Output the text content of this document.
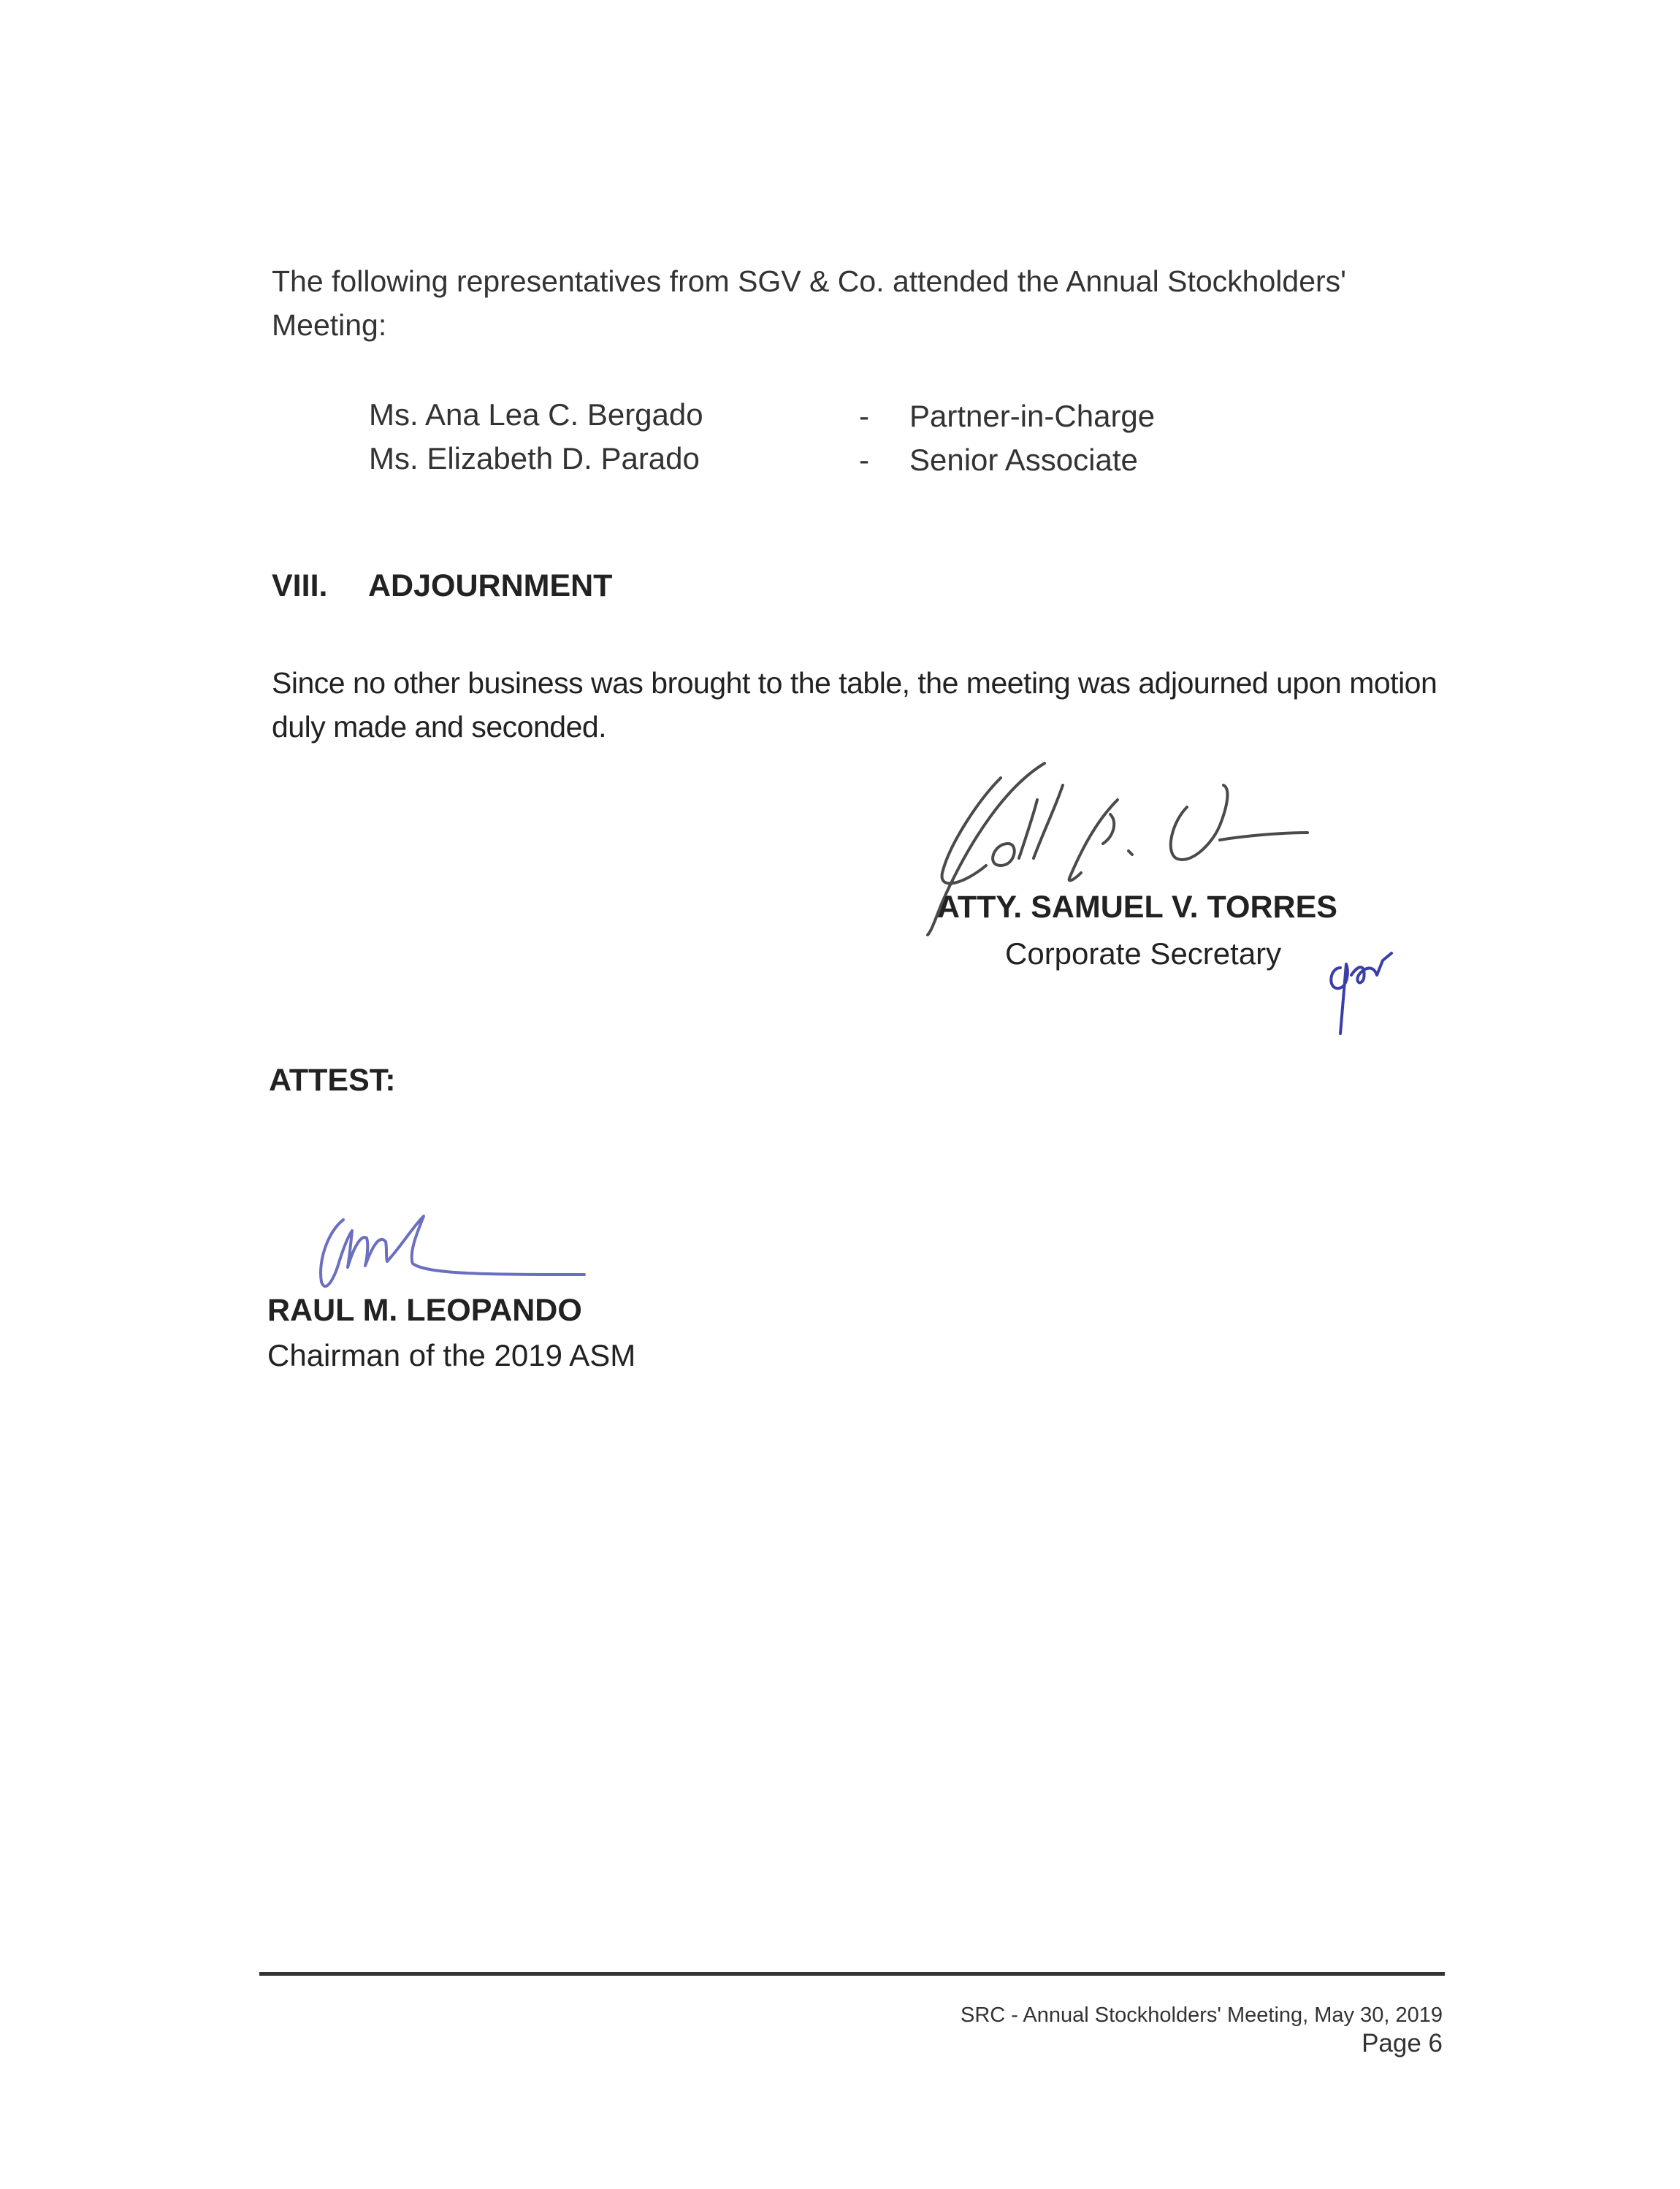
The following representatives from SGV & Co. attended the Annual Stockholders' Meeting:

Ms. Ana Lea C. Bergado	- Partner-in-Charge
Ms. Elizabeth D. Parado	- Senior Associate
VIII. ADJOURNMENT

Since no other business was brought to the table, the meeting was adjourned upon motion duly made and seconded.

ATTY. SAMUEL V. TORRES
Corporate Secretary
ATTEST:
RAUL M. LEOPANDO
Chairman of the 2019 ASM
SRC - Annual Stockholders' Meeting, May 30, 2019
Page 6
